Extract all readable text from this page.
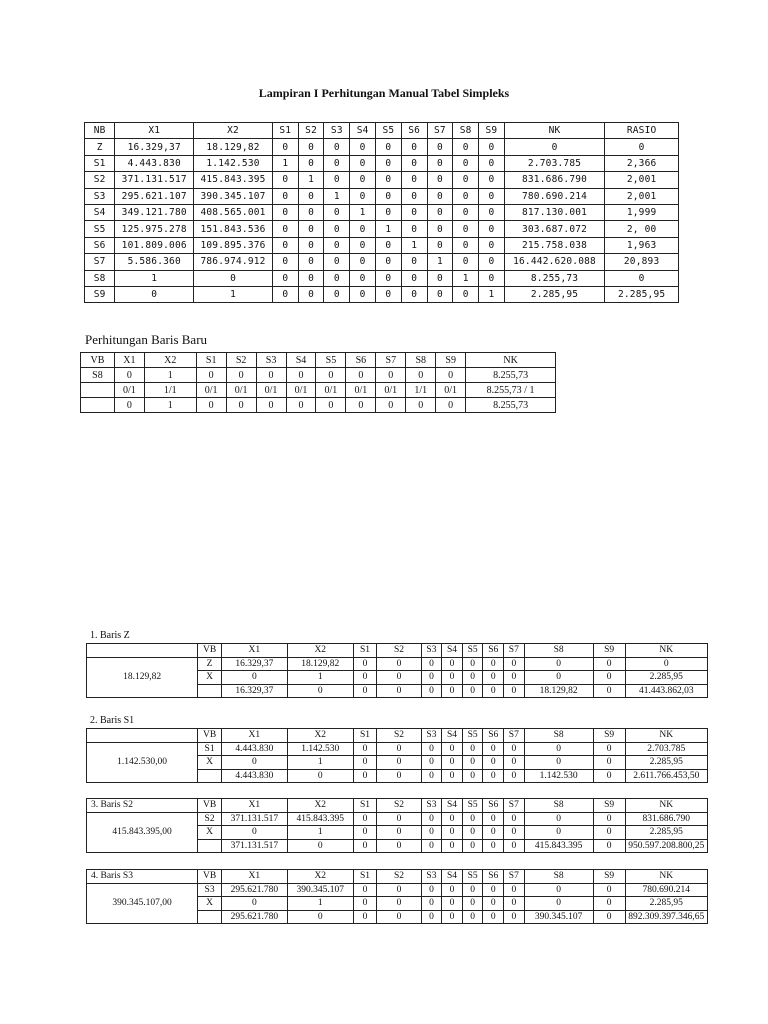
Lampiran I Perhitungan Manual Tabel Simpleks
NB	X1	X2	S1	S2	S3	S4	S5	S6	S7	S8	S9	NK	RASIO
Z	16.329,37	18.129,82	0	0	0	0	0	0	0	0	0	0	0
S1	4.443.830	1.142.530	1	0	0	0	0	0	0	0	0	2.703.785	2,366
S2	371.131.517	415.843.395	0	1	0	0	0	0	0	0	0	831.686.790	2,001
S3	295.621.107	390.345.107	0	0	1	0	0	0	0	0	0	780.690.214	2,001
S4	349.121.780	408.565.001	0	0	0	1	0	0	0	0	0	817.130.001	1,999
S5	125.975.278	151.843.536	0	0	0	0	1	0	0	0	0	303.687.072	2, 00
S6	101.809.006	109.895.376	0	0	0	0	0	1	0	0	0	215.758.038	1,963
S7	5.586.360	786.974.912	0	0	0	0	0	0	1	0	0	16.442.620.088	20,893
S8	1	0	0	0	0	0	0	0	0	1	0	8.255,73	0
S9	0	1	0	0	0	0	0	0	0	0	1	2.285,95	2.285,95
Perhitungan Baris Baru
VB	X1	X2	S1	S2	S3	S4	S5	S6	S7	S8	S9	NK
S8	0	1	0	0	0	0	0	0	0	0	0	8.255,73
	0/1	1/1	0/1	0/1	0/1	0/1	0/1	0/1	0/1	1/1	0/1	8.255,73 / 1
	0	1	0	0	0	0	0	0	0	0	0	8.255,73
1. Baris Z
	VB	X1	X2	S1	S2	S3	S4	S5	S6	S7	S8	S9	NK
18.129,82	Z	16.329,37	18.129,82	0	0	0	0	0	0	0	0	0	0
	X	0	1	0	0	0	0	0	0	0	0	0	2.285,95
		16.329,37	0	0	0	0	0	0	0	0	18.129,82	0	41.443.862,03
2. Baris S1
	VB	X1	X2	S1	S2	S3	S4	S5	S6	S7	S8	S9	NK
1.142.530,00	S1	4.443.830	1.142.530	0	0	0	0	0	0	0	0	0	2.703.785
	X	0	1	0	0	0	0	0	0	0	0	0	2.285,95
		4.443.830	0	0	0	0	0	0	0	0	1.142.530	0	2.611.766.453,50
3. Baris S2	VB	X1	X2	S1	S2	S3	S4	S5	S6	S7	S8	S9	NK
415.843.395,00	S2	371.131.517	415.843.395	0	0	0	0	0	0	0	0	0	831.686.790
	X	0	1	0	0	0	0	0	0	0	0	0	2.285,95
		371.131.517	0	0	0	0	0	0	0	0	415.843.395	0	950.597.208.800,25
4. Baris S3	VB	X1	X2	S1	S2	S3	S4	S5	S6	S7	S8	S9	NK
390.345.107,00	S3	295.621.780	390.345.107	0	0	0	0	0	0	0	0	0	780.690.214
	X	0	1	0	0	0	0	0	0	0	0	0	2.285,95
		295.621.780	0	0	0	0	0	0	0	0	390.345.107	0	892.309.397.346,65
